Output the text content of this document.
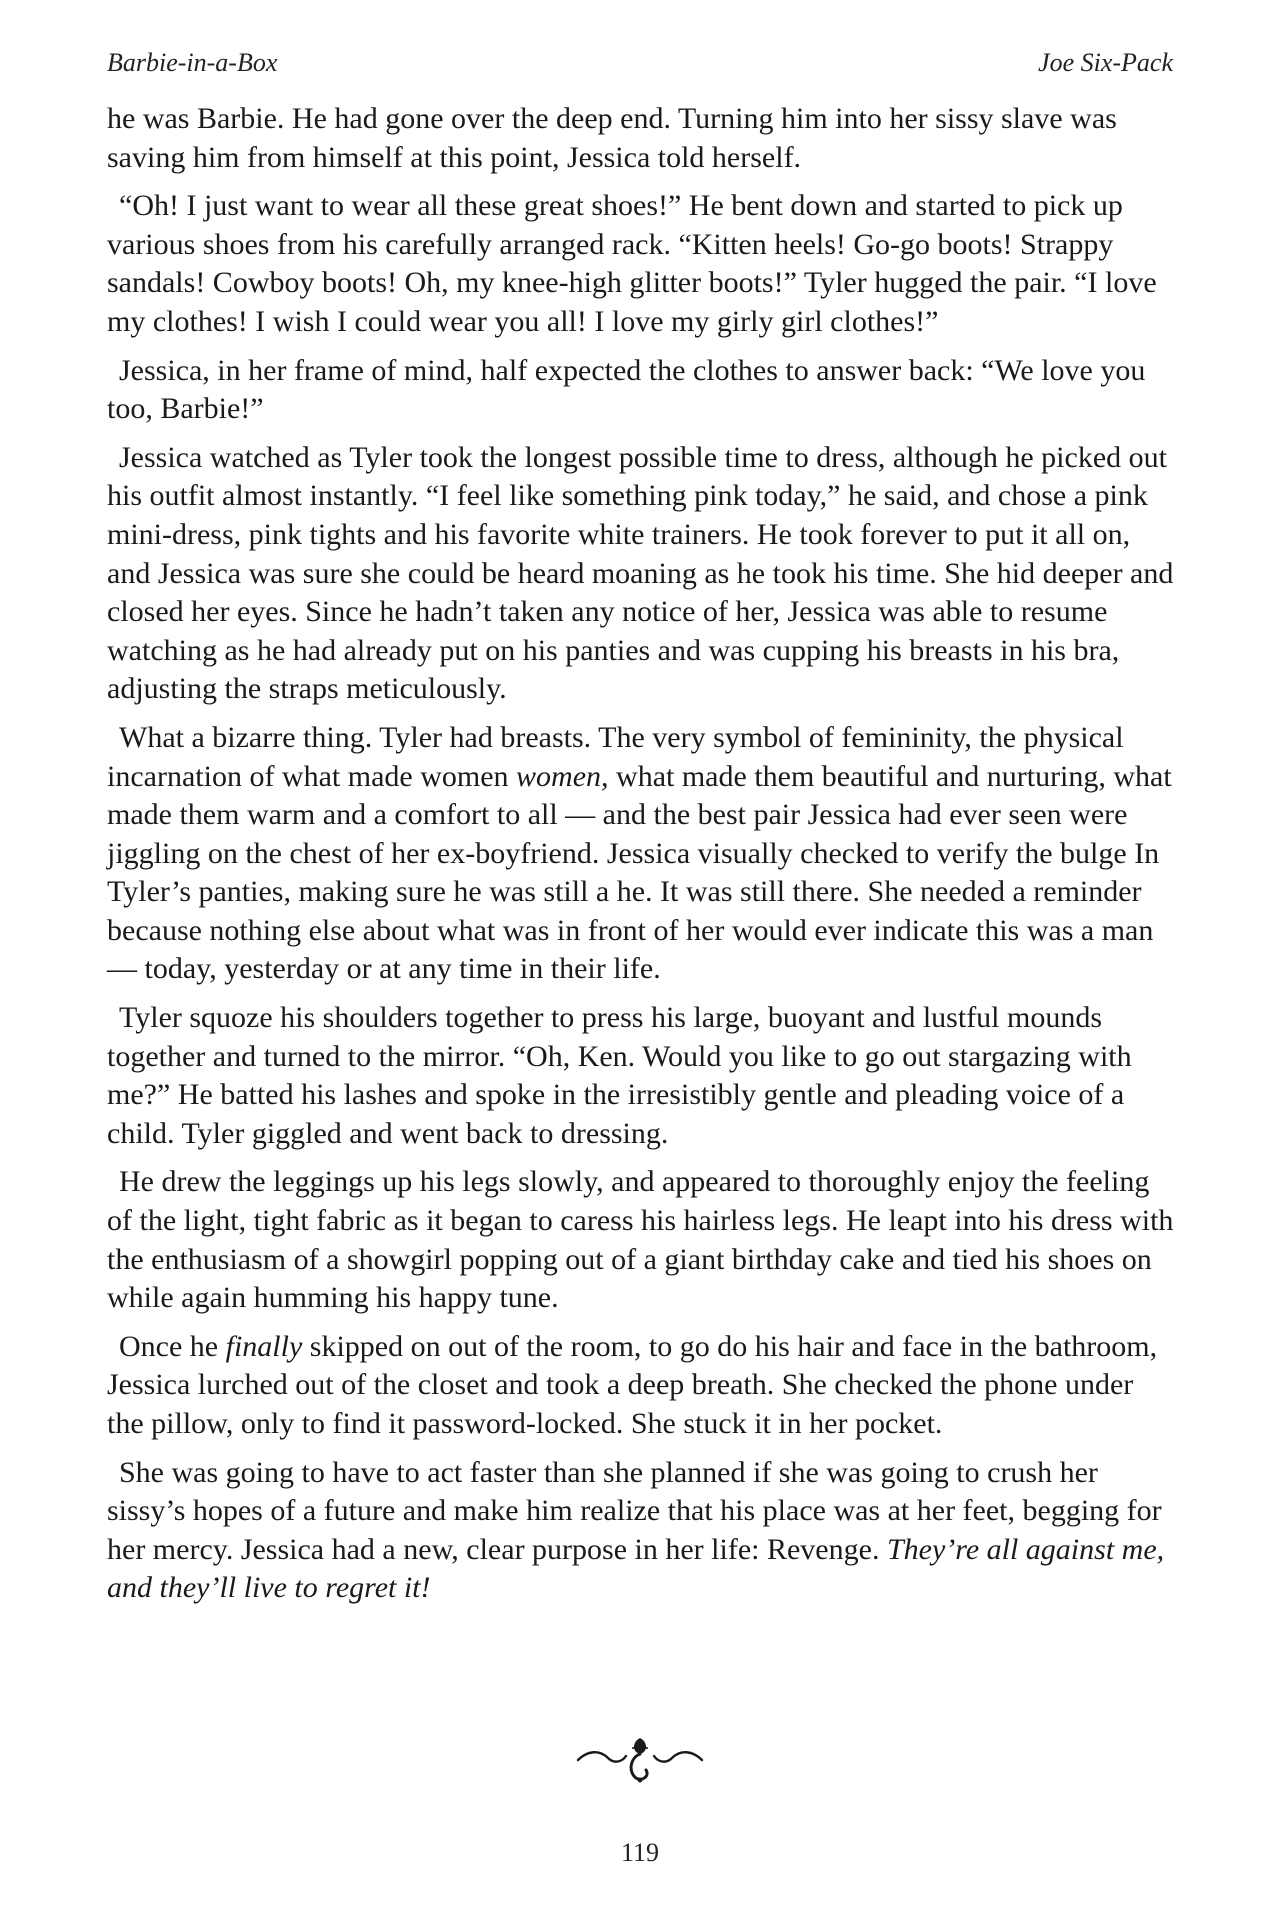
Barbie-in-a-Box	Joe Six-Pack

he was Barbie. He had gone over the deep end. Turning him into her sissy slave was saving him from himself at this point, Jessica told herself.

“Oh! I just want to wear all these great shoes!” He bent down and started to pick up various shoes from his carefully arranged rack. “Kitten heels! Go-go boots! Strappy sandals! Cowboy boots! Oh, my knee-high glitter boots!” Tyler hugged the pair. “I love my clothes! I wish I could wear you all! I love my girly girl clothes!”

Jessica, in her frame of mind, half expected the clothes to answer back: “We love you too, Barbie!”

Jessica watched as Tyler took the longest possible time to dress, although he picked out his outfit almost instantly. “I feel like something pink today,” he said, and chose a pink mini-dress, pink tights and his favorite white trainers. He took forever to put it all on, and Jessica was sure she could be heard moaning as he took his time. She hid deeper and closed her eyes. Since he hadn’t taken any notice of her, Jessica was able to resume watching as he had already put on his panties and was cupping his breasts in his bra, adjusting the straps meticulously.

What a bizarre thing. Tyler had breasts. The very symbol of femininity, the physical incarnation of what made women women, what made them beautiful and nurturing, what made them warm and a comfort to all — and the best pair Jessica had ever seen were jiggling on the chest of her ex-boyfriend. Jessica visually checked to verify the bulge In Tyler’s panties, making sure he was still a he. It was still there. She needed a reminder because nothing else about what was in front of her would ever indicate this was a man — today, yesterday or at any time in their life.

Tyler squoze his shoulders together to press his large, buoyant and lustful mounds together and turned to the mirror. “Oh, Ken. Would you like to go out stargazing with me?” He batted his lashes and spoke in the irresistibly gentle and pleading voice of a child. Tyler giggled and went back to dressing.

He drew the leggings up his legs slowly, and appeared to thoroughly enjoy the feeling of the light, tight fabric as it began to caress his hairless legs. He leapt into his dress with the enthusiasm of a showgirl popping out of a giant birthday cake and tied his shoes on while again humming his happy tune.

Once he finally skipped on out of the room, to go do his hair and face in the bathroom, Jessica lurched out of the closet and took a deep breath. She checked the phone under the pillow, only to find it password-locked. She stuck it in her pocket.

She was going to have to act faster than she planned if she was going to crush her sissy’s hopes of a future and make him realize that his place was at her feet, begging for her mercy. Jessica had a new, clear purpose in her life: Revenge. They’re all against me, and they’ll live to regret it!

119
